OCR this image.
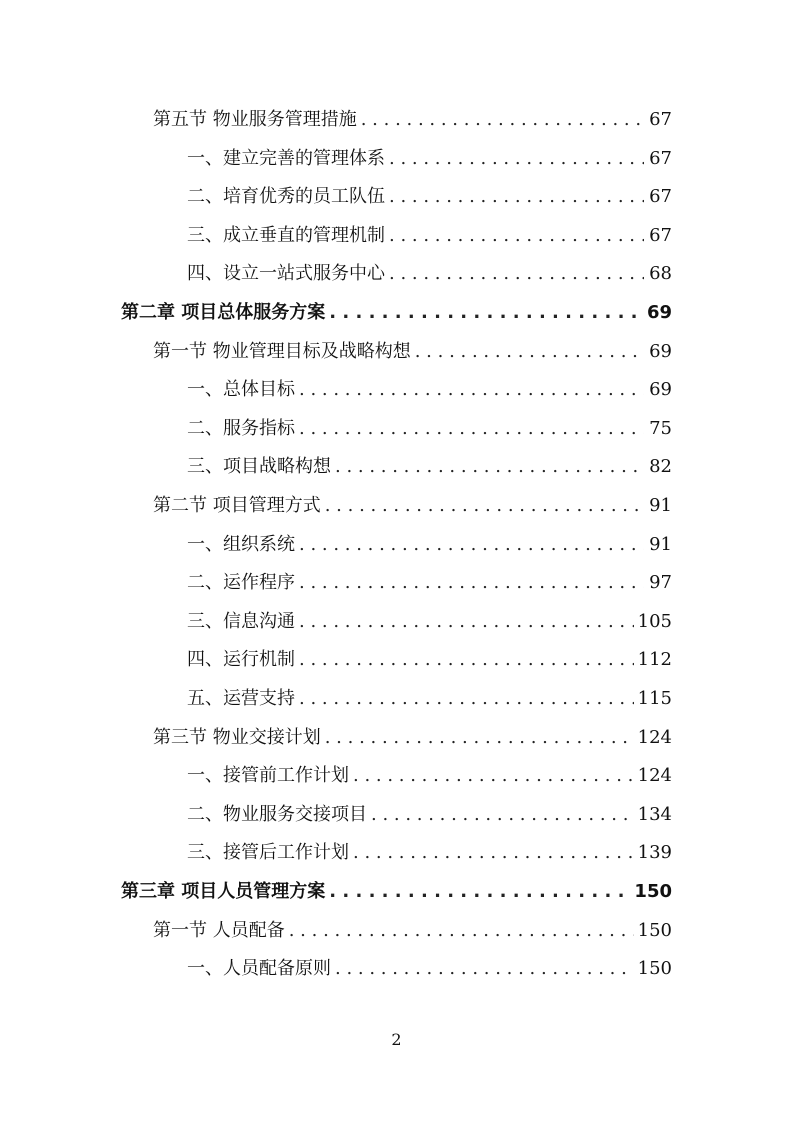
第五节 物业服务管理措施 . . .	67
一、建立完善的管理体系 . . .	67
二、培育优秀的员工队伍 . . .	67
三、成立垂直的管理机制 . . .	67
四、设立一站式服务中心 . . .	68
第二章 项目总体服务方案 . . .	69
第一节 物业管理目标及战略构想 . . .	69
一、总体目标 . . .	69
二、服务指标 . . .	75
三、项目战略构想 . . .	82
第二节 项目管理方式 . . .	91
一、组织系统 . . .	91
二、运作程序 . . .	97
三、信息沟通 . . .	105
四、运行机制 . . .	112
五、运营支持 . . .	115
第三节 物业交接计划 . . .	124
一、接管前工作计划 . . .	124
二、物业服务交接项目 . . .	134
三、接管后工作计划 . . .	139
第三章 项目人员管理方案 . . .	150
第一节 人员配备 . . .	150
一、人员配备原则 . . .	150
2
